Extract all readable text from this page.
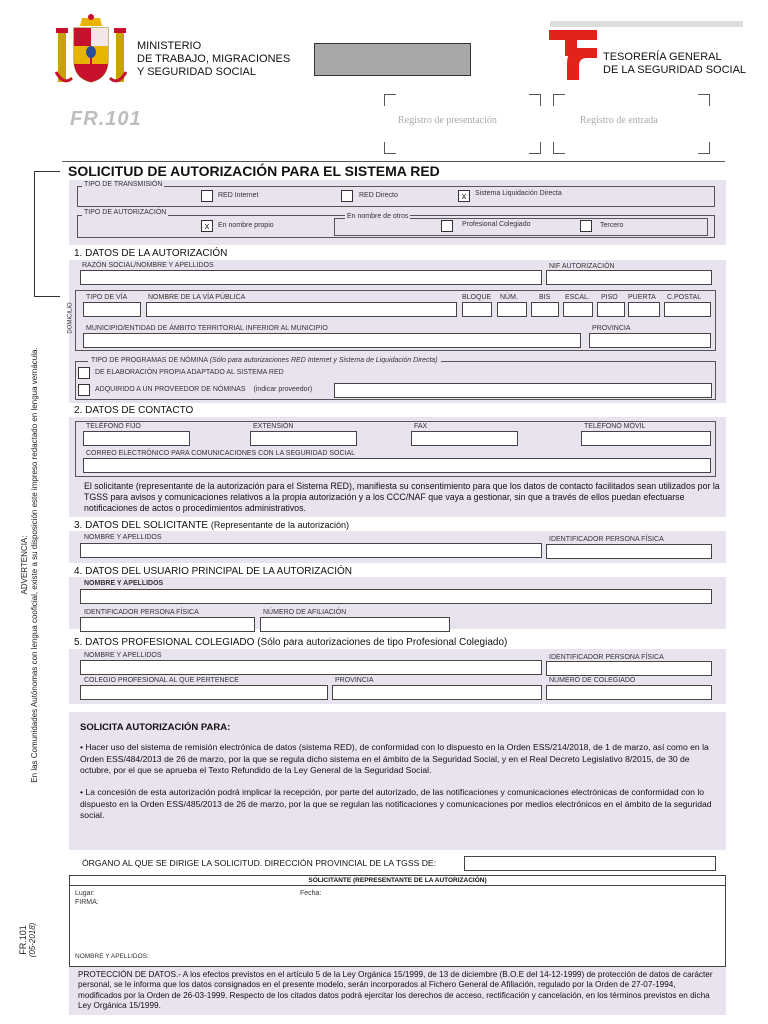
MINISTERIO
DE TRABAJO, MIGRACIONES
Y SEGURIDAD SOCIAL
TESORERÍA GENERAL
DE LA SEGURIDAD SOCIAL
FR.101	Registro de presentación	Registro de entrada
SOLICITUD DE AUTORIZACIÓN PARA EL SISTEMA RED
TIPO DE TRANSMISIÓN
RED Internet	RED Directo	x	Sistema Liquidación Directa
TIPO DE AUTORIZACIÓN
x	En nombre propio
En nombre de otros
Profesional Colegiado	Tercero
1. DATOS DE LA AUTORIZACIÓN
RAZÓN SOCIAL/NOMBRE Y APELLIDOS	NIF AUTORIZACIÓN
DOMICILIO
TIPO DE VÍA	NOMBRE DE LA VÍA PÚBLICA	BLOQUE NÚM.	BIS ESCAL. PISO PUERTA C.POSTAL
MUNICIPIO/ENTIDAD DE ÁMBITO TERRITORIAL INFERIOR AL MUNICIPIO	PROVINCIA
TIPO DE PROGRAMAS DE NÓMINA (Sólo para autorizaciones RED Internet y Sistema de Liquidación Directa)
DE ELABORACIÓN PROPIA ADAPTADO AL SISTEMA RED
ADQUIRIDO A UN PROVEEDOR DE NÓMINAS (indicar proveedor)
2. DATOS DE CONTACTO
TELÉFONO FIJO	EXTENSIÓN	FAX	TELÉFONO MÓVIL
CORREO ELECTRÓNICO PARA COMUNICACIONES CON LA SEGURIDAD SOCIAL
El solicitante (representante de la autorización para el Sistema RED), manifiesta su consentimiento para que los datos de contacto facilitados sean utilizados por la TGSS para avisos y comunicaciones relativos a la propia autorización y a los CCC/NAF que vaya a gestionar, sin que a través de ellos puedan efectuarse notificaciones de actos o procedimientos administrativos.
3. DATOS DEL SOLICITANTE (Representante de la autorización)
NOMBRE Y APELLIDOS	IDENTIFICADOR PERSONA FÍSICA
4. DATOS DEL USUARIO PRINCIPAL DE LA AUTORIZACIÓN
NOMBRE Y APELLIDOS
IDENTIFICADOR PERSONA FÍSICA	NÚMERO DE AFILIACIÓN
5. DATOS PROFESIONAL COLEGIADO (Sólo para autorizaciones de tipo Profesional Colegiado)
NOMBRE Y APELLIDOS	IDENTIFICADOR PERSONA FÍSICA
COLEGIO PROFESIONAL AL QUE PERTENECE	PROVINCIA	NÚMERO DE COLEGIADO
SOLICITA AUTORIZACIÓN PARA:
• Hacer uso del sistema de remisión electrónica de datos (sistema RED), de conformidad con lo dispuesto en la Orden ESS/214/2018, de 1 de marzo, así como en la Orden ESS/484/2013 de 26 de marzo, por la que se regula dicho sistema en el ámbito de la Seguridad Social, y en el Real Decreto Legislativo 8/2015, de 30 de octubre, por el que se aprueba el Texto Refundido de la Ley General de la Seguridad Social.
• La concesión de esta autorización podrá implicar la recepción, por parte del autorizado, de las notificaciones y comunicaciones electrónicas de conformidad con lo dispuesto en la Orden ESS/485/2013 de 26 de marzo, por la que se regulan las notificaciones y comunicaciones por medios electrónicos en el ámbito de la seguridad social.
ÓRGANO AL QUE SE DIRIGE LA SOLICITUD. DIRECCIÓN PROVINCIAL DE LA TGSS DE:
SOLICITANTE (REPRESENTANTE DE LA AUTORIZACIÓN)
Lugar:	Fecha:
FIRMA:
NOMBRE Y APELLIDOS:
PROTECCIÓN DE DATOS.- A los efectos previstos en el artículo 5 de la Ley Orgánica 15/1999, de 13 de diciembre (B.O.E del 14-12-1999) de protección de datos de carácter personal, se le informa que los datos consignados en el presente modelo, serán incorporados al Fichero General de Afiliación, regulado por la Orden de 27-07-1994, modificados por la Orden de 26-03-1999. Respecto de los citados datos podrá ejercitar los derechos de acceso, rectificación y cancelación, en los términos previstos en dicha Ley Orgánica 15/1999.
ADVERTENCIA: En las Comunidades Autónomas con lengua cooficial, existe a su disposición este impreso redactado en lengua vernácula.
FR.101 (05-2018)
